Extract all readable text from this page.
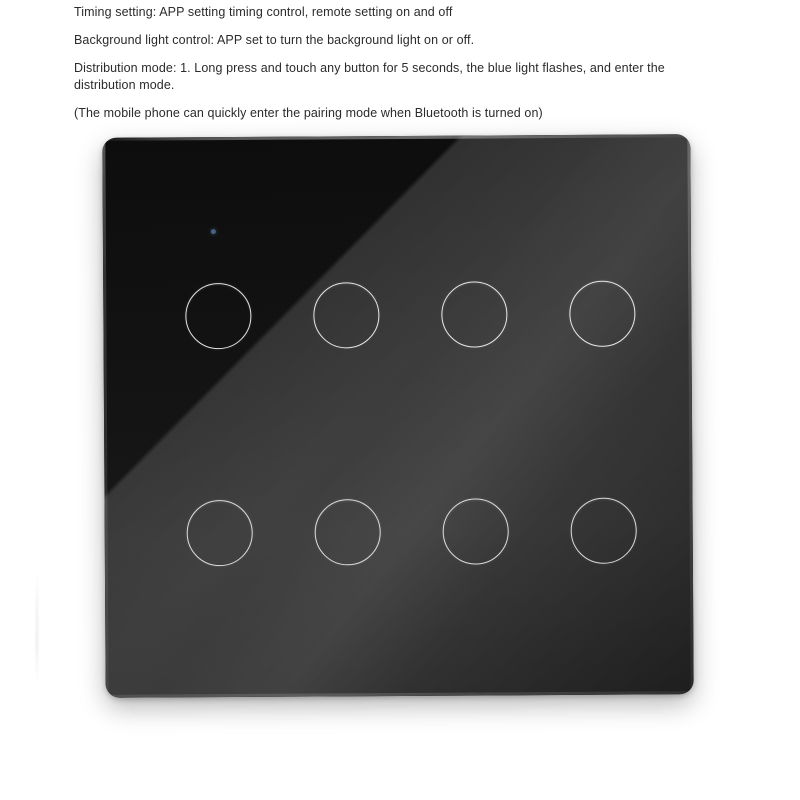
Timing setting: APP setting timing control, remote setting on and off

Background light control: APP set to turn the background light on or off.

Distribution mode: 1. Long press and touch any button for 5 seconds, the blue light flashes, and enter the distribution mode.

(The mobile phone can quickly enter the pairing mode when Bluetooth is turned on)
